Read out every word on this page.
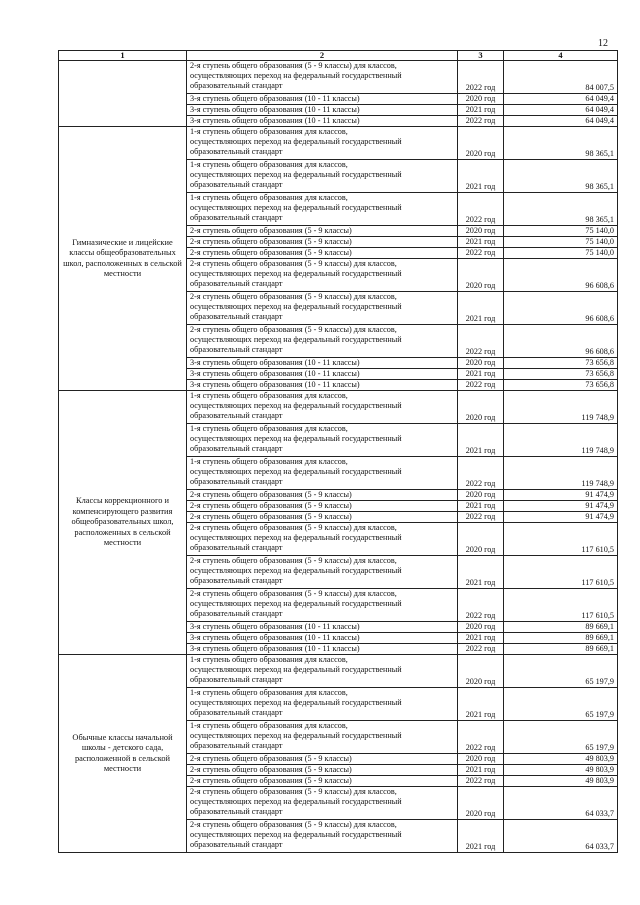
12
1	2	3	4
	2-я ступень общего образования (5 - 9 классы) для классов,
осуществляющих переход на федеральный государственный
образовательный стандарт	2022 год	84 007,5
	3-я ступень общего образования (10 - 11 классы)	2020 год	64 049,4
	3-я ступень общего образования (10 - 11 классы)	2021 год	64 049,4
	3-я ступень общего образования (10 - 11 классы)	2022 год	64 049,4
Гимназические и лицейские классы общеобразовательных школ, расположенных в сельской местности	1-я ступень общего образования для классов,
осуществляющих переход на федеральный государственный
образовательный стандарт	2020 год	98 365,1
	1-я ступень общего образования для классов,
осуществляющих переход на федеральный государственный
образовательный стандарт	2021 год	98 365,1
	1-я ступень общего образования для классов,
осуществляющих переход на федеральный государственный
образовательный стандарт	2022 год	98 365,1
	2-я ступень общего образования (5 - 9 классы)	2020 год	75 140,0
	2-я ступень общего образования (5 - 9 классы)	2021 год	75 140,0
	2-я ступень общего образования (5 - 9 классы)	2022 год	75 140,0
	2-я ступень общего образования (5 - 9 классы) для классов,
осуществляющих переход на федеральный государственный
образовательный стандарт	2020 год	96 608,6
	2-я ступень общего образования (5 - 9 классы) для классов,
осуществляющих переход на федеральный государственный
образовательный стандарт	2021 год	96 608,6
	2-я ступень общего образования (5 - 9 классы) для классов,
осуществляющих переход на федеральный государственный
образовательный стандарт	2022 год	96 608,6
	3-я ступень общего образования (10 - 11 классы)	2020 год	73 656,8
	3-я ступень общего образования (10 - 11 классы)	2021 год	73 656,8
	3-я ступень общего образования (10 - 11 классы)	2022 год	73 656,8
Классы коррекционного и компенсирующего развития общеобразовательных школ, расположенных в сельской местности	1-я ступень общего образования для классов,
осуществляющих переход на федеральный государственный
образовательный стандарт	2020 год	119 748,9
	1-я ступень общего образования для классов,
осуществляющих переход на федеральный государственный
образовательный стандарт	2021 год	119 748,9
	1-я ступень общего образования для классов,
осуществляющих переход на федеральный государственный
образовательный стандарт	2022 год	119 748,9
	2-я ступень общего образования (5 - 9 классы)	2020 год	91 474,9
	2-я ступень общего образования (5 - 9 классы)	2021 год	91 474,9
	2-я ступень общего образования (5 - 9 классы)	2022 год	91 474,9
	2-я ступень общего образования (5 - 9 классы) для классов,
осуществляющих переход на федеральный государственный
образовательный стандарт	2020 год	117 610,5
	2-я ступень общего образования (5 - 9 классы) для классов,
осуществляющих переход на федеральный государственный
образовательный стандарт	2021 год	117 610,5
	2-я ступень общего образования (5 - 9 классы) для классов,
осуществляющих переход на федеральный государственный
образовательный стандарт	2022 год	117 610,5
	3-я ступень общего образования (10 - 11 классы)	2020 год	89 669,1
	3-я ступень общего образования (10 - 11 классы)	2021 год	89 669,1
	3-я ступень общего образования (10 - 11 классы)	2022 год	89 669,1
Обычные классы начальной школы - детского сада, расположенной в сельской местности	1-я ступень общего образования для классов,
осуществляющих переход на федеральный государственный
образовательный стандарт	2020 год	65 197,9
	1-я ступень общего образования для классов,
осуществляющих переход на федеральный государственный
образовательный стандарт	2021 год	65 197,9
	1-я ступень общего образования для классов,
осуществляющих переход на федеральный государственный
образовательный стандарт	2022 год	65 197,9
	2-я ступень общего образования (5 - 9 классы)	2020 год	49 803,9
	2-я ступень общего образования (5 - 9 классы)	2021 год	49 803,9
	2-я ступень общего образования (5 - 9 классы)	2022 год	49 803,9
	2-я ступень общего образования (5 - 9 классы) для классов,
осуществляющих переход на федеральный государственный
образовательный стандарт	2020 год	64 033,7
	2-я ступень общего образования (5 - 9 классы) для классов,
осуществляющих переход на федеральный государственный
образовательный стандарт	2021 год	64 033,7
